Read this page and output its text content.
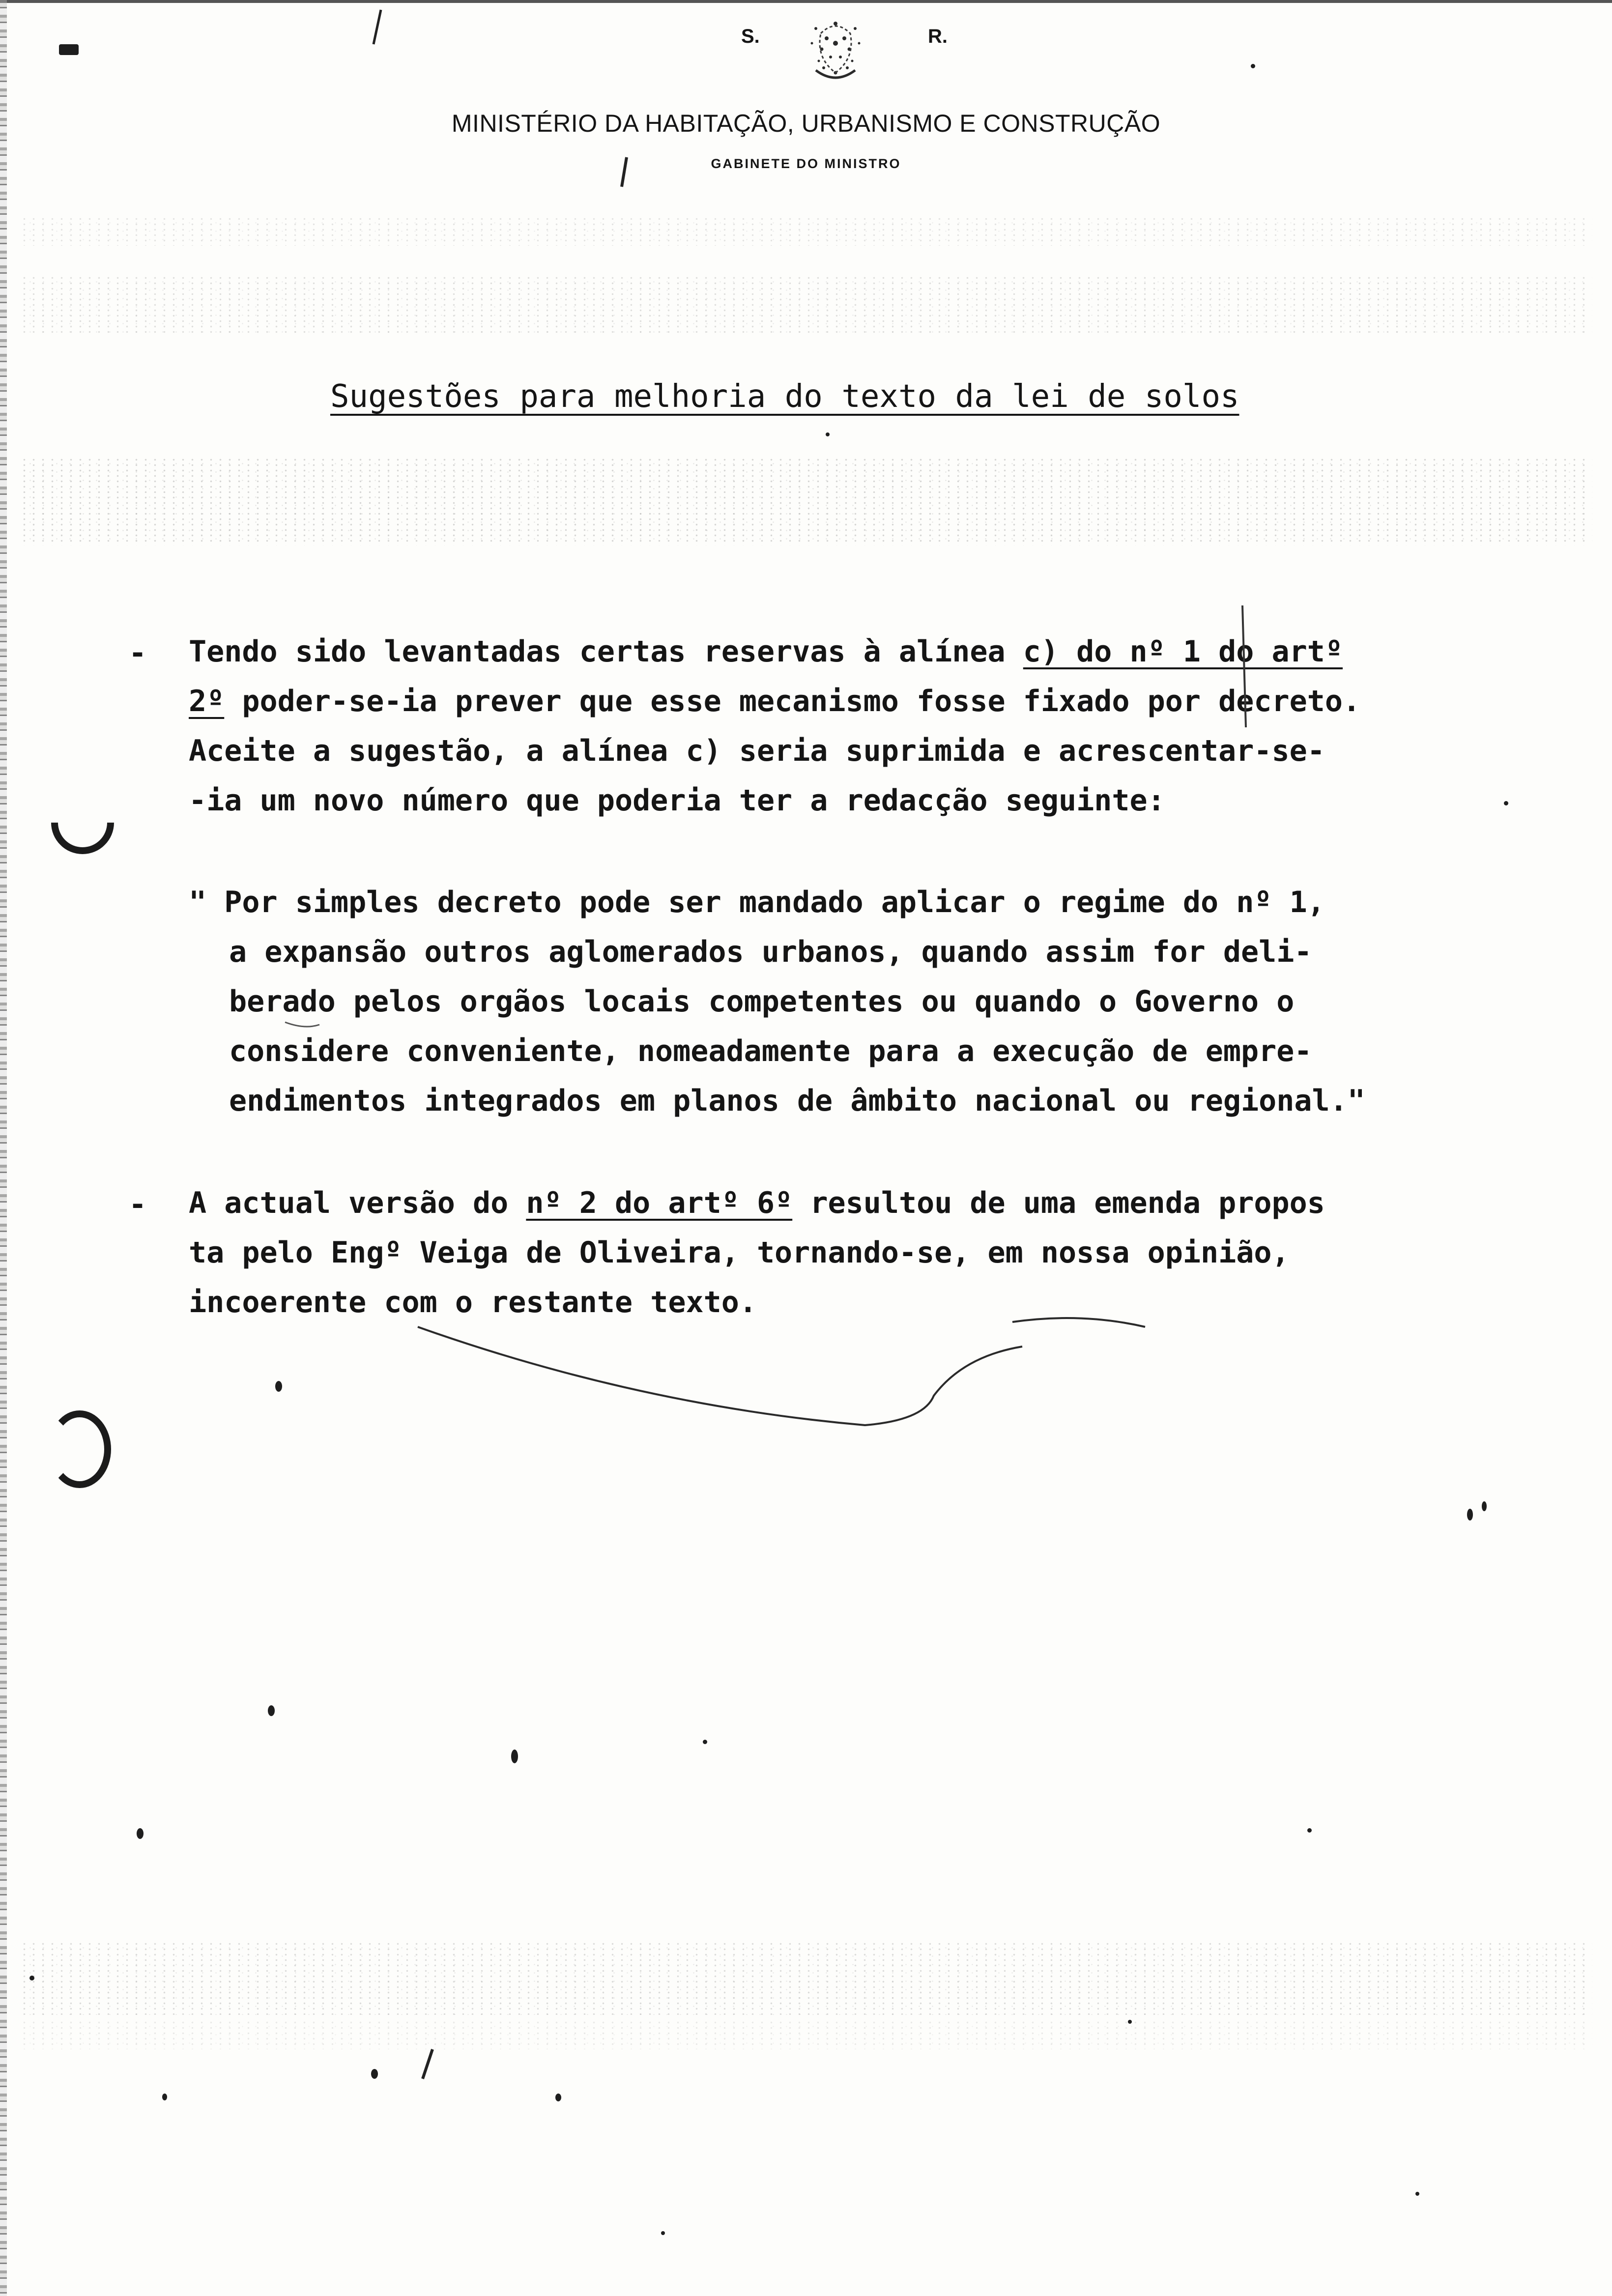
S.	R.
MINISTÉRIO DA HABITAÇÃO, URBANISMO E CONSTRUÇÃO
GABINETE DO MINISTRO
Sugestões para melhoria do texto da lei de solos
- Tendo sido levantadas certas reservas à alínea c) do nº 1 do artº
2º poder-se-ia prever que esse mecanismo fosse fixado por decreto.
Aceite a sugestão, a alínea c) seria suprimida e acrescentar-se-
-ia um novo número que poderia ter a redacção seguinte:
" Por simples decreto pode ser mandado aplicar o regime do nº 1,
a expansão outros aglomerados urbanos, quando assim for deli-
berado pelos orgãos locais competentes ou quando o Governo o
considere conveniente, nomeadamente para a execução de empre-
endimentos integrados em planos de âmbito nacional ou regional."
- A actual versão do nº 2 do artº 6º resultou de uma emenda propos
ta pelo Engº Veiga de Oliveira, tornando-se, em nossa opinião,
incoerente com o restante texto.
